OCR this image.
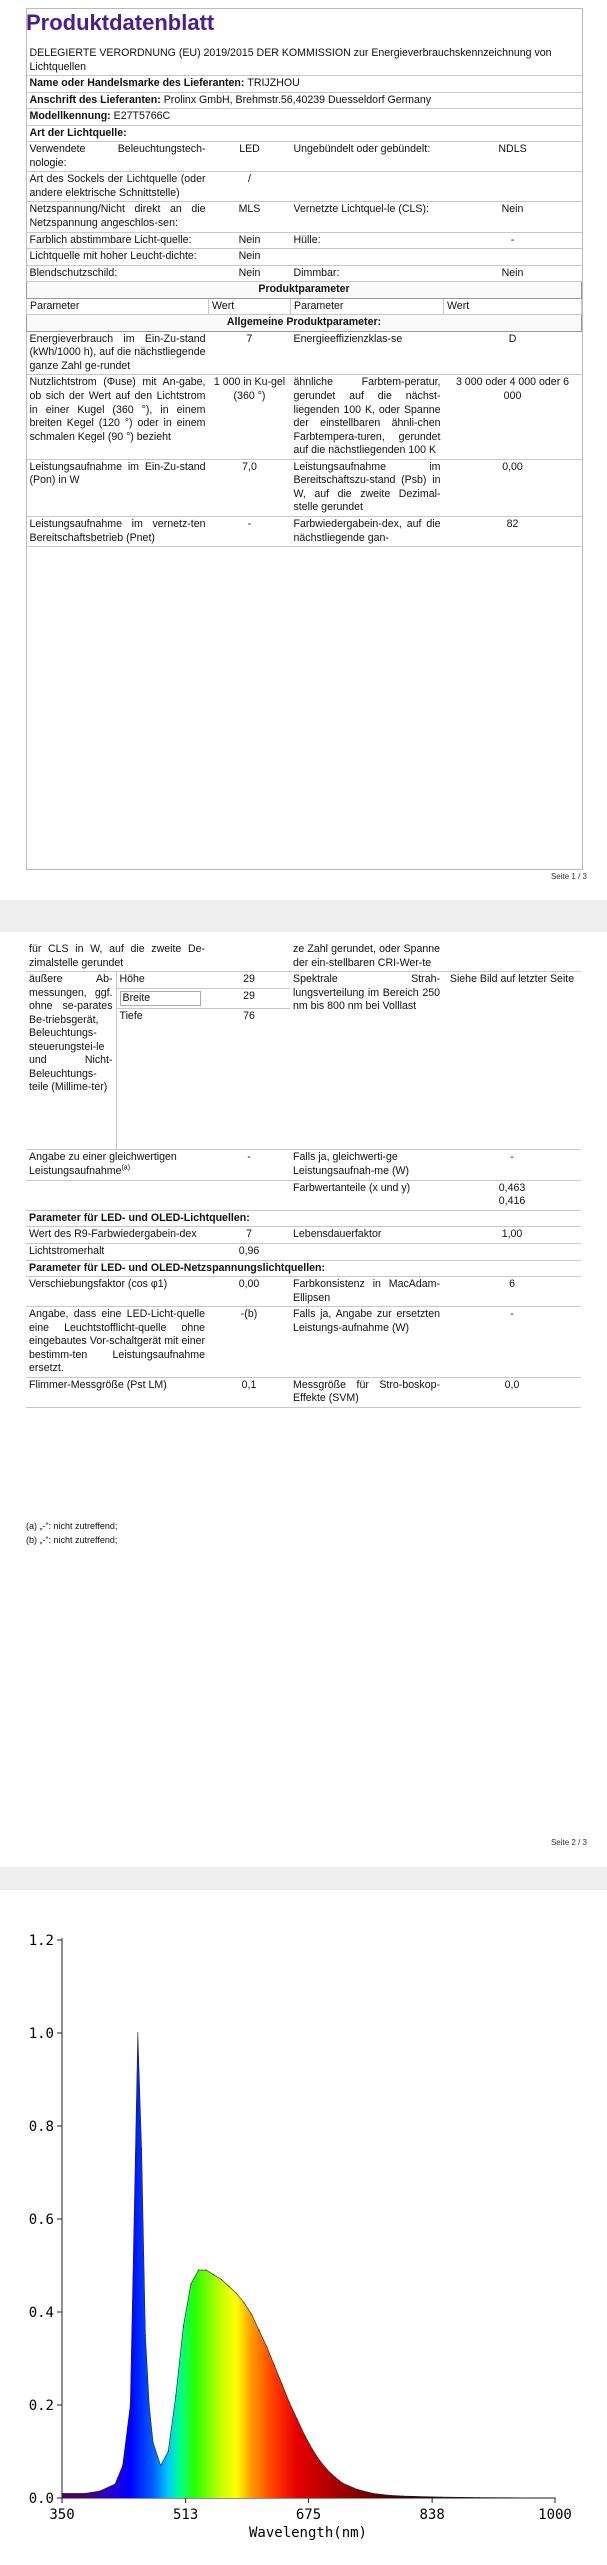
Produktdatenblatt
DELEGIERTE VERORDNUNG (EU) 2019/2015 DER KOMMISSION zur Energieverbrauchskennzeichnung von Lichtquellen			
Name oder Handelsmarke des Lieferanten: TRIJZHOU			
Anschrift des Lieferanten: Prolinx GmbH, Brehmstr.56,40239 Duesseldorf Germany			
Modellkennung: E27T5766C			
Art der Lichtquelle:			
Verwendete Beleuchtungstech-nologie:	LED	Ungebündelt oder gebündelt:	NDLS
Art des Sockels der Lichtquelle (oder andere elektrische Schnittstelle)	/		
Netzspannung/Nicht direkt an die Netzspannung angeschlos-sen:	MLS	Vernetzte Lichtquel-le (CLS):	Nein
Farblich abstimmbare Licht-quelle:	Nein	Hülle:	-
Lichtquelle mit hoher Leucht-dichte:	Nein		
Blendschutzschild:	Nein	Dimmbar:	Nein
Produktparameter			
Parameter	Wert	Parameter	Wert
Allgemeine Produktparameter:			
Energieverbrauch im Ein-Zu-stand (kWh/1000 h), auf die nächstliegende ganze Zahl ge-rundet	7	Energieeffizienzklas-se	D
Nutzlichtstrom (Φuse) mit An-gabe, ob sich der Wert auf den Lichtstrom in einer Kugel (360 °), in einem breiten Kegel (120 °) oder in einem schmalen Kegel (90 °) bezieht	1 000 in Ku-gel (360 °)	ähnliche Farbtem-peratur, gerundet auf die nächst-liegenden 100 K, oder Spanne der einstellbaren ähnli-chen Farbtempera-turen, gerundet auf die nächstliegenden 100 K	3 000 oder 4 000 oder 6 000
Leistungsaufnahme im Ein-Zu-stand (Pon) in W	7,0	Leistungsaufnahme im Bereitschaftszu-stand (Psb) in W, auf die zweite Dezimal-stelle gerundet	0,00
Leistungsaufnahme im vernetz-ten Bereitschaftsbetrieb (Pnet)	-	Farbwiedergabein-dex, auf die nächstliegende gan-	82
Seite 1 / 3
für CLS in W, auf die zweite De-zimalstelle gerundet			ze Zahl gerundet, oder Spanne der ein-stellbaren CRI-Wer-te	
äußere Ab-messungen, ggf. ohne se-parates Be-triebsgerät, Beleuchtungs-steuerungstei-le und Nicht-Beleuchtungs-teile (Millime-ter)	Höhe	29	Spektrale Strah-lungsverteilung im Bereich 250 nm bis 800 nm bei Volllast	Siehe Bild auf letzter Seite
	Breite	29		
	Tiefe	76		
Angabe zu einer gleichwertigen Leistungsaufnahme$^{(a)}$		-	Falls ja, gleichwerti-ge Leistungsaufnah-me (W)	-
			Farbwertanteile (x und y)	0,463
0,416
Parameter für LED- und OLED-Lichtquellen:				
Wert des R9-Farbwiedergabein-dex		7	Lebensdauerfaktor	1,00
Lichtstromerhalt		0,96		
Parameter für LED- und OLED-Netzspannungslichtquellen:				
Verschiebungsfaktor (cos φ1)		0,00	Farbkonsistenz in MacAdam-Ellipsen	6
Angabe, dass eine LED-Licht-quelle eine Leuchtstofflicht-quelle ohne eingebautes Vor-schaltgerät mit einer bestimm-ten Leistungsaufnahme ersetzt.		-(b)	Falls ja, Angabe zur ersetzten Leistungs-aufnahme (W)	-
Flimmer-Messgröße (Pst LM)		0,1	Messgröße für Stro-boskop-Effekte (SVM)	0,0
(a) „-“: nicht zutreffend;
(b) „-“: nicht zutreffend;
Seite 2 / 3
0.0
0.2
0.4
0.6
0.8
1.0
1.2
350	513	675	838	1000
Wavelength(nm)
